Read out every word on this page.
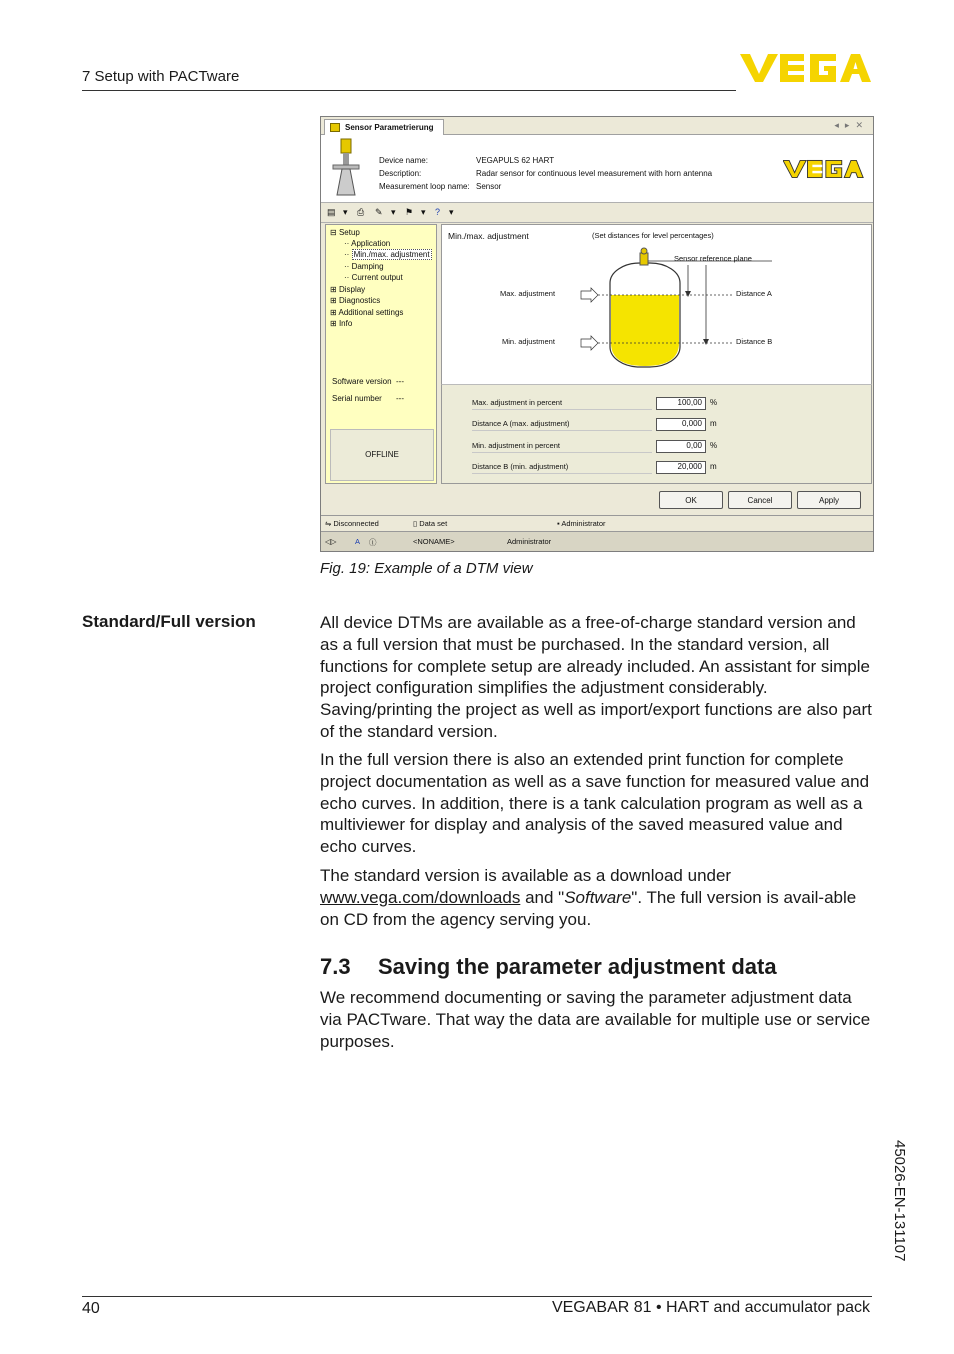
7 Setup with PACTware
Sensor Parametrierung	◂▸✕
Device name:	VEGAPULS 62 HART
Description:	Radar sensor for continuous level measurement with horn antenna
Measurement loop name: Sensor
▤ ▾ ⎙ ✎ ▾ ⚑ ▾ ? ▾
⊟ Setup
·· Application
·· Min./max. adjustment
·· Damping
·· Current output
⊞ Display
⊞ Diagnostics
⊞ Additional settings
⊞ Info
Software version ---
Serial number ---
OFFLINE
Min./max. adjustment	(Set distances for level percentages)
Sensor reference plane
Max. adjustment
Min. adjustment
Distance A
Distance B
Max. adjustment in percent	100,00	%
Distance A (max. adjustment)	0,000	m
Min. adjustment in percent	0,00	%
Distance B (min. adjustment)	20,000	m
OK	Cancel	Apply
⇋ Disconnected	▯ Data set	▪ Administrator
◁▷ A ⓘ	<NONAME>	Administrator
Fig. 19: Example of a DTM view
Standard/Full version	All device DTMs are available as a free-of-charge standard version and as a full version that must be purchased. In the standard version, all functions for complete setup are already included. An assistant for simple project configuration simplifies the adjustment considerably. Saving/printing the project as well as import/export functions are also part of the standard version.

In the full version there is also an extended print function for complete project documentation as well as a save function for measured value and echo curves. In addition, there is a tank calculation program as well as a multiviewer for display and analysis of the saved measured value and echo curves.

The standard version is available as a download under
www.vega.com/downloads and "Software". The full version is avail-able on CD from the agency serving you.

7.3 Saving the parameter adjustment data

We recommend documenting or saving the parameter adjustment data via PACTware. That way the data are available for multiple use or service purposes.

45026-EN-131107
40	VEGABAR 81 • HART and accumulator pack
